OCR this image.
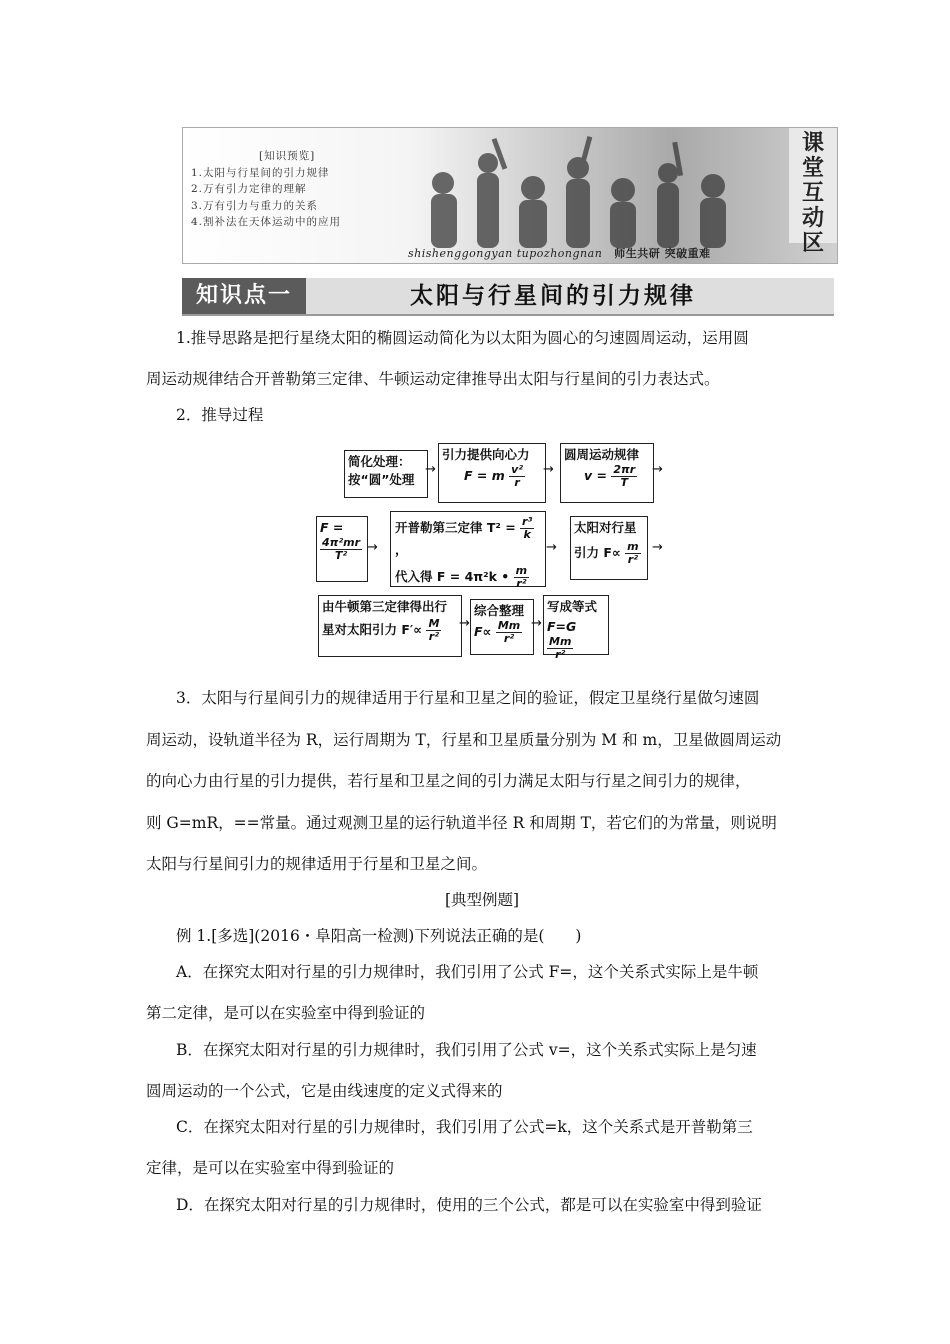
[知识预览]
1.太阳与行星间的引力规律
2.万有引力定律的理解
3.万有引力与重力的关系
4.割补法在天体运动中的应用
课
堂
互
动
区
shishenggongyan tupozhongnan 师生共研 突破重难
知识点一	太阳与行星间的引力规律
1.推导思路是把行星绕太阳的椭圆运动简化为以太阳为圆心的匀速圆周运动，运用圆
周运动规律结合开普勒第三定律、牛顿运动定律推导出太阳与行星间的引力表达式。
2．推导过程
简化处理：
按“圆”处理
→
引力提供向心力
F = m $\frac{\text{v²}}{r}$ →
圆周运动规律
$v = \frac{2\pi r}{T}$ →
F =
$\frac{\text{4π²mr}}{\text{T²}}$ →
开普勒第三定律 $T^2 = \frac{\text{r³}}{k}$
，
代入得 F = 4π²k • $\frac{m}{\text{r²}}$
→
太阳对行星
引力 $F\propto \frac{m}{\text{r²}}$ →
由牛顿第三定律得出行
星对太阳引力 $F'\propto \frac{M}{\text{r²}}$ →
综合整理
$F\propto \frac{Mm}{\text{r²}}$ →
写成等式
F=G
$\frac{Mm}{\text{r²}}$
3．太阳与行星间引力的规律适用于行星和卫星之间的验证，假定卫星绕行星做匀速圆
周运动，设轨道半径为 R，运行周期为 T，行星和卫星质量分别为 M 和 m，卫星做圆周运动
的向心力由行星的引力提供，若行星和卫星之间的引力满足太阳与行星之间引力的规律，
则 G=mR，==常量。通过观测卫星的运行轨道半径 R 和周期 T，若它们的为常量，则说明
太阳与行星间引力的规律适用于行星和卫星之间。
[典型例题]
例 1.[多选](2016・阜阳高一检测)下列说法正确的是(　　)
A．在探究太阳对行星的引力规律时，我们引用了公式 F=，这个关系式实际上是牛顿
第二定律，是可以在实验室中得到验证的
B．在探究太阳对行星的引力规律时，我们引用了公式 v=，这个关系式实际上是匀速
圆周运动的一个公式，它是由线速度的定义式得来的
C．在探究太阳对行星的引力规律时，我们引用了公式=k，这个关系式是开普勒第三
定律，是可以在实验室中得到验证的
D．在探究太阳对行星的引力规律时，使用的三个公式，都是可以在实验室中得到验证
